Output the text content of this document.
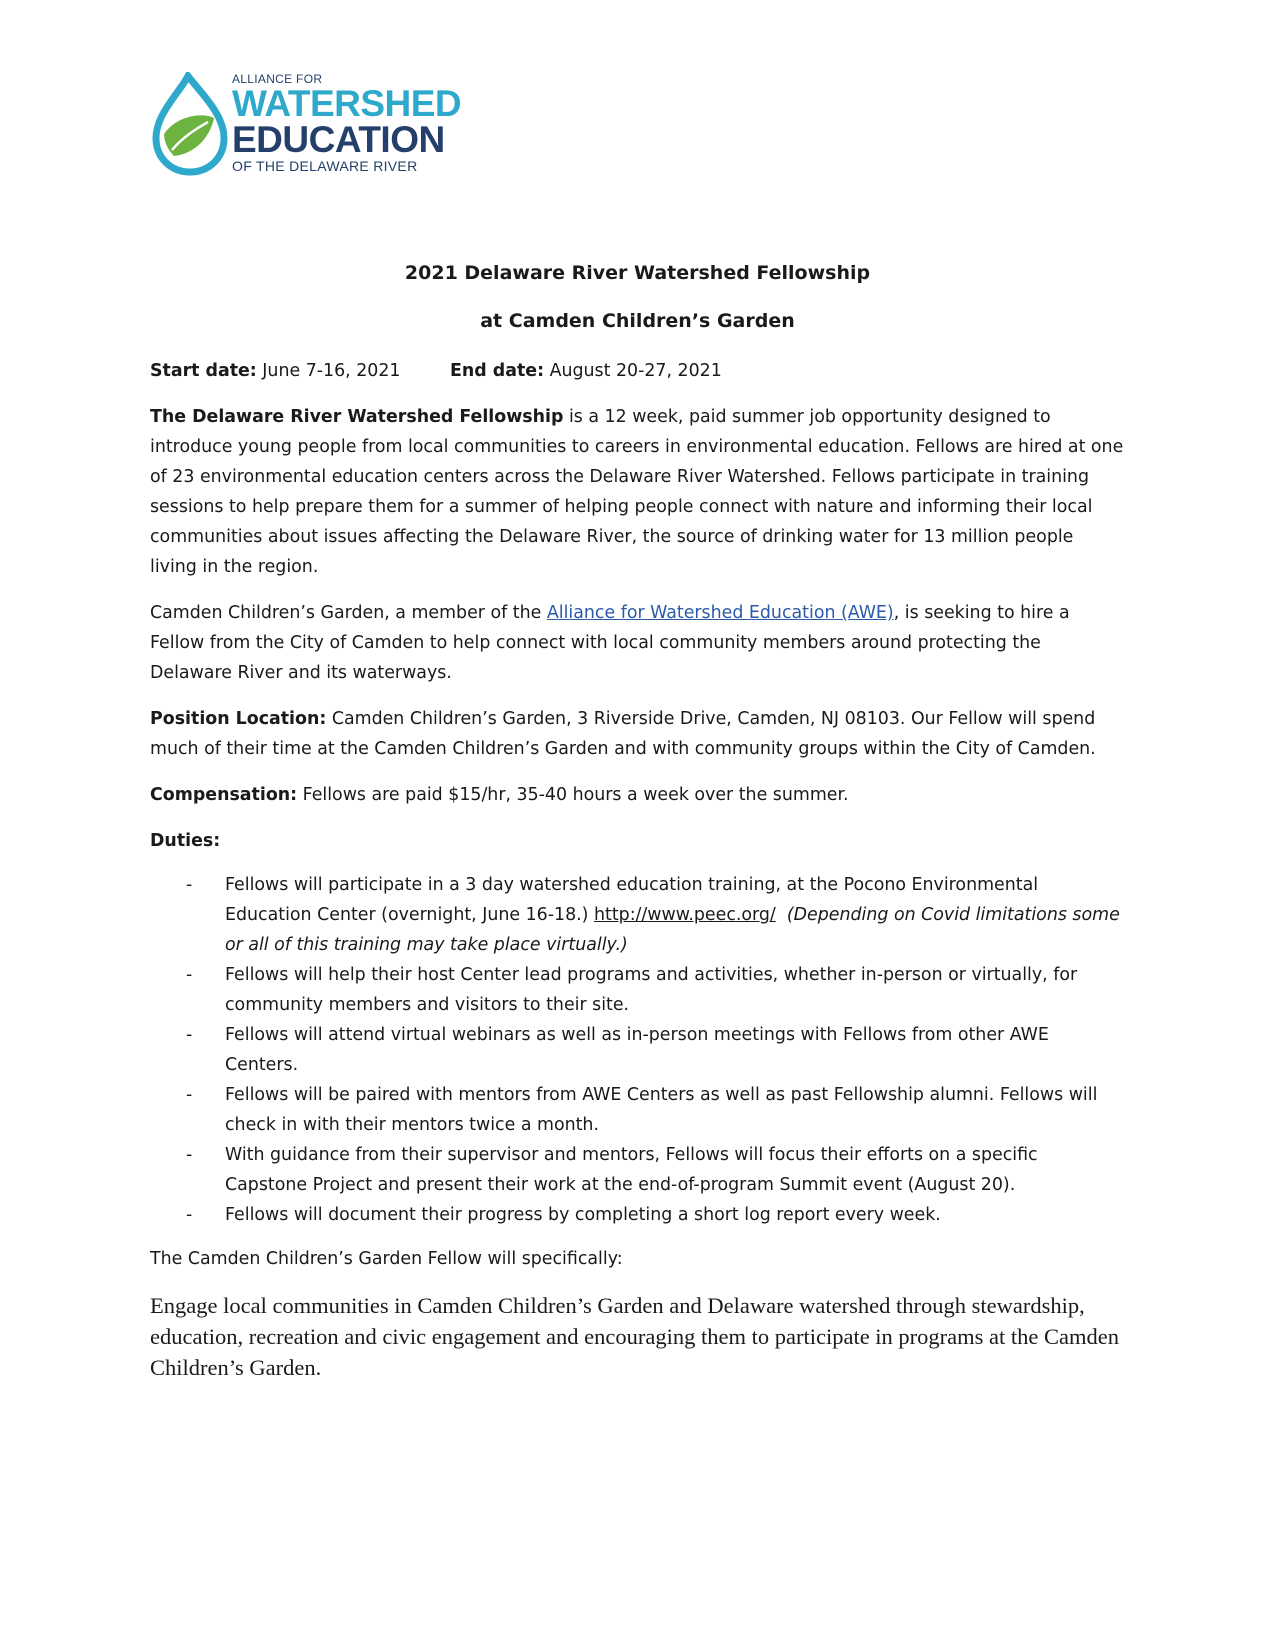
ALLIANCE FOR
WATERSHED
EDUCATION
OF THE DELAWARE RIVER
2021 Delaware River Watershed Fellowship
at Camden Children’s Garden

Start date: June 7-16, 2021	End date: August 20-27, 2021

The Delaware River Watershed Fellowship is a 12 week, paid summer job opportunity designed to introduce young people from local communities to careers in environmental education. Fellows are hired at one of 23 environmental education centers across the Delaware River Watershed. Fellows participate in training sessions to help prepare them for a summer of helping people connect with nature and informing their local communities about issues affecting the Delaware River, the source of drinking water for 13 million people living in the region.

Camden Children’s Garden, a member of the Alliance for Watershed Education (AWE), is seeking to hire a Fellow from the City of Camden to help connect with local community members around protecting the Delaware River and its waterways.

Position Location: Camden Children’s Garden, 3 Riverside Drive, Camden, NJ 08103. Our Fellow will spend much of their time at the Camden Children’s Garden and with community groups within the City of Camden.

Compensation: Fellows are paid $15/hr, 35-40 hours a week over the summer.

Duties:

- Fellows will participate in a 3 day watershed education training, at the Pocono Environmental Education Center (overnight, June 16-18.) http://www.peec.org/ (Depending on Covid limitations some or all of this training may take place virtually.)
- Fellows will help their host Center lead programs and activities, whether in-person or virtually, for community members and visitors to their site.
- Fellows will attend virtual webinars as well as in-person meetings with Fellows from other AWE Centers.
- Fellows will be paired with mentors from AWE Centers as well as past Fellowship alumni. Fellows will check in with their mentors twice a month.
- With guidance from their supervisor and mentors, Fellows will focus their efforts on a specific Capstone Project and present their work at the end-of-program Summit event (August 20).
- Fellows will document their progress by completing a short log report every week.

The Camden Children’s Garden Fellow will specifically:

Engage local communities in Camden Children’s Garden and Delaware watershed through stewardship, education, recreation and civic engagement and encouraging them to participate in programs at the Camden Children’s Garden.
